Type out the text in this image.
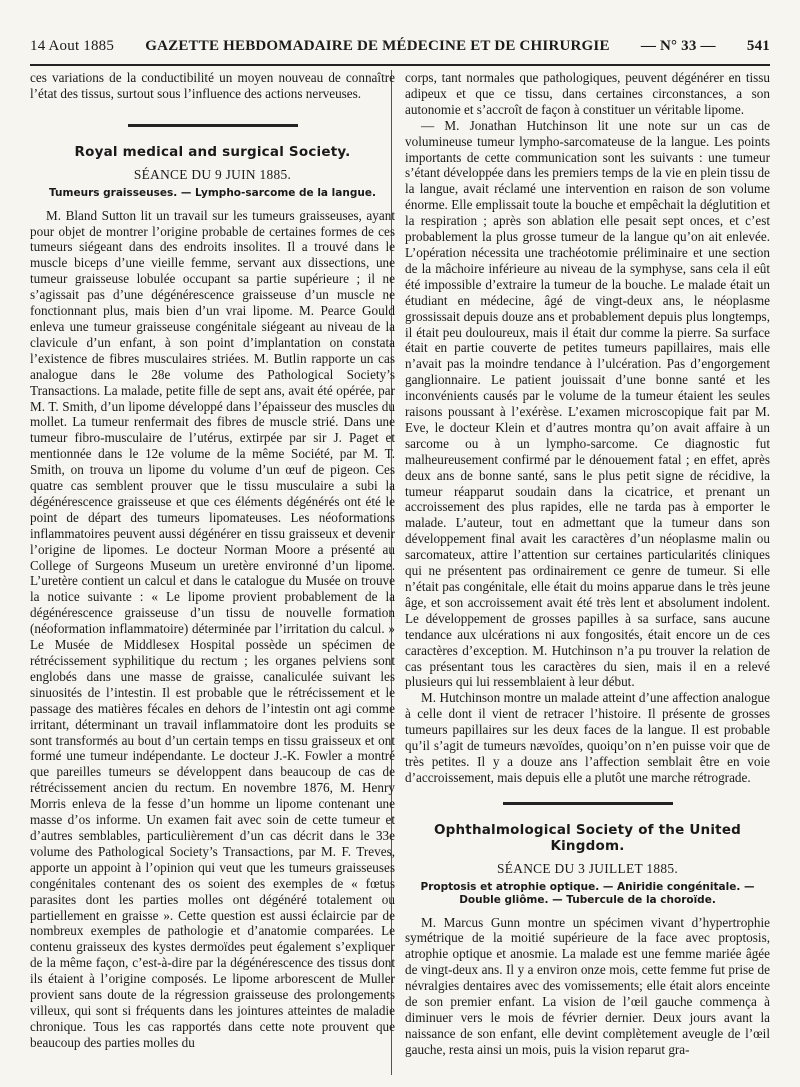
14 Aout 1885 GAZETTE HEBDOMADAIRE DE MÉDECINE ET DE CHIRURGIE — N° 33 — 541

ces variations de la conductibilité un moyen nouveau de connaître l’état des tissus, surtout sous l’influence des actions nerveuses.

Royal medical and surgical Society.
SÉANCE DU 9 JUIN 1885.
Tumeurs graisseuses. — Lympho-sarcome de la langue.

M. Bland Sutton lit un travail sur les tumeurs graisseuses, ayant pour objet de montrer l’origine probable de certaines formes de ces tumeurs siégeant dans des endroits insolites. Il a trouvé dans le muscle biceps d’une vieille femme, servant aux dissections, une tumeur graisseuse lobulée occupant sa partie supérieure ; il ne s’agissait pas d’une dégénérescence graisseuse d’un muscle ne fonctionnant plus, mais bien d’un vrai lipome. M. Pearce Gould enleva une tumeur graisseuse congénitale siégeant au niveau de la clavicule d’un enfant, à son point d’implantation on constata l’existence de fibres musculaires striées. M. Butlin rapporte un cas analogue dans le 28e volume des Pathological Society’s Transactions. La malade, petite fille de sept ans, avait été opérée, par M. T. Smith, d’un lipome développé dans l’épaisseur des muscles du mollet. La tumeur renfermait des fibres de muscle strié. Dans une tumeur fibro-musculaire de l’utérus, extirpée par sir J. Paget et mentionnée dans le 12e volume de la même Société, par M. T. Smith, on trouva un lipome du volume d’un œuf de pigeon. Ces quatre cas semblent prouver que le tissu musculaire a subi la dégénérescence graisseuse et que ces éléments dégénérés ont été le point de départ des tumeurs lipomateuses. Les néoformations inflammatoires peuvent aussi dégénérer en tissu graisseux et devenir l’origine de lipomes. Le docteur Norman Moore a présenté au College of Surgeons Museum un uretère environné d’un lipome. L’uretère contient un calcul et dans le catalogue du Musée on trouve la notice suivante : « Le lipome provient probablement de la dégénérescence graisseuse d’un tissu de nouvelle formation (néoformation inflammatoire) déterminée par l’irritation du calcul. » Le Musée de Middlesex Hospital possède un spécimen de rétrécissement syphilitique du rectum ; les organes pelviens sont englobés dans une masse de graisse, canaliculée suivant les sinuosités de l’intestin. Il est probable que le rétrécissement et le passage des matières fécales en dehors de l’intestin ont agi comme irritant, déterminant un travail inflammatoire dont les produits se sont transformés au bout d’un certain temps en tissu graisseux et ont formé une tumeur indépendante. Le docteur J.-K. Fowler a montré que pareilles tumeurs se développent dans beaucoup de cas de rétrécissement ancien du rectum. En novembre 1876, M. Henry Morris enleva de la fesse d’un homme un lipome contenant une masse d’os informe. Un examen fait avec soin de cette tumeur et d’autres semblables, particulièrement d’un cas décrit dans le 33e volume des Pathological Society’s Transactions, par M. F. Treves, apporte un appoint à l’opinion qui veut que les tumeurs graisseuses congénitales contenant des os soient des exemples de « fœtus parasites dont les parties molles ont dégénéré totalement ou partiellement en graisse ». Cette question est aussi éclaircie par de nombreux exemples de pathologie et d’anatomie comparées. Le contenu graisseux des kystes dermoïdes peut également s’expliquer de la même façon, c’est-à-dire par la dégénérescence des tissus dont ils étaient à l’origine composés. Le lipome arborescent de Muller provient sans doute de la régression graisseuse des prolongements villeux, qui sont si fréquents dans les jointures atteintes de maladie chronique. Tous les cas rapportés dans cette note prouvent que beaucoup des parties molles du

corps, tant normales que pathologiques, peuvent dégénérer en tissu adipeux et que ce tissu, dans certaines circonstances, a son autonomie et s’accroît de façon à constituer un véritable lipome.

— M. Jonathan Hutchinson lit une note sur un cas de volumineuse tumeur lympho-sarcomateuse de la langue. Les points importants de cette communication sont les suivants : une tumeur s’étant développée dans les premiers temps de la vie en plein tissu de la langue, avait réclamé une intervention en raison de son volume énorme. Elle emplissait toute la bouche et empêchait la déglutition et la respiration ; après son ablation elle pesait sept onces, et c’est probablement la plus grosse tumeur de la langue qu’on ait enlevée. L’opération nécessita une trachéotomie préliminaire et une section de la mâchoire inférieure au niveau de la symphyse, sans cela il eût été impossible d’extraire la tumeur de la bouche. Le malade était un étudiant en médecine, âgé de vingt-deux ans, le néoplasme grossissait depuis douze ans et probablement depuis plus longtemps, il était peu douloureux, mais il était dur comme la pierre. Sa surface était en partie couverte de petites tumeurs papillaires, mais elle n’avait pas la moindre tendance à l’ulcération. Pas d’engorgement ganglionnaire. Le patient jouissait d’une bonne santé et les inconvénients causés par le volume de la tumeur étaient les seules raisons poussant à l’exérèse. L’examen microscopique fait par M. Eve, le docteur Klein et d’autres montra qu’on avait affaire à un sarcome ou à un lympho-sarcome. Ce diagnostic fut malheureusement confirmé par le dénouement fatal ; en effet, après deux ans de bonne santé, sans le plus petit signe de récidive, la tumeur réapparut soudain dans la cicatrice, et prenant un accroissement des plus rapides, elle ne tarda pas à emporter le malade. L’auteur, tout en admettant que la tumeur dans son développement final avait les caractères d’un néoplasme malin ou sarcomateux, attire l’attention sur certaines particularités cliniques qui ne présentent pas ordinairement ce genre de tumeur. Si elle n’était pas congénitale, elle était du moins apparue dans le très jeune âge, et son accroissement avait été très lent et absolument indolent. Le développement de grosses papilles à sa surface, sans aucune tendance aux ulcérations ni aux fongosités, était encore un de ces caractères d’exception. M. Hutchinson n’a pu trouver la relation de cas présentant tous les caractères du sien, mais il en a relevé plusieurs qui lui ressemblaient à leur début.

M. Hutchinson montre un malade atteint d’une affection analogue à celle dont il vient de retracer l’histoire. Il présente de grosses tumeurs papillaires sur les deux faces de la langue. Il est probable qu’il s’agit de tumeurs nævoïdes, quoiqu’on n’en puisse voir que de très petites. Il y a douze ans l’affection semblait être en voie d’accroissement, mais depuis elle a plutôt une marche rétrograde.

Ophthalmological Society of the United Kingdom.
SÉANCE DU 3 JUILLET 1885.
Proptosis et atrophie optique. — Aniridie congénitale. — Double gliôme. — Tubercule de la choroïde.

M. Marcus Gunn montre un spécimen vivant d’hypertrophie symétrique de la moitié supérieure de la face avec proptosis, atrophie optique et anosmie. La malade est une femme mariée âgée de vingt-deux ans. Il y a environ onze mois, cette femme fut prise de névralgies dentaires avec des vomissements; elle était alors enceinte de son premier enfant. La vision de l’œil gauche commença à diminuer vers le mois de février dernier. Deux jours avant la naissance de son enfant, elle devint complètement aveugle de l’œil gauche, resta ainsi un mois, puis la vision reparut gra-
